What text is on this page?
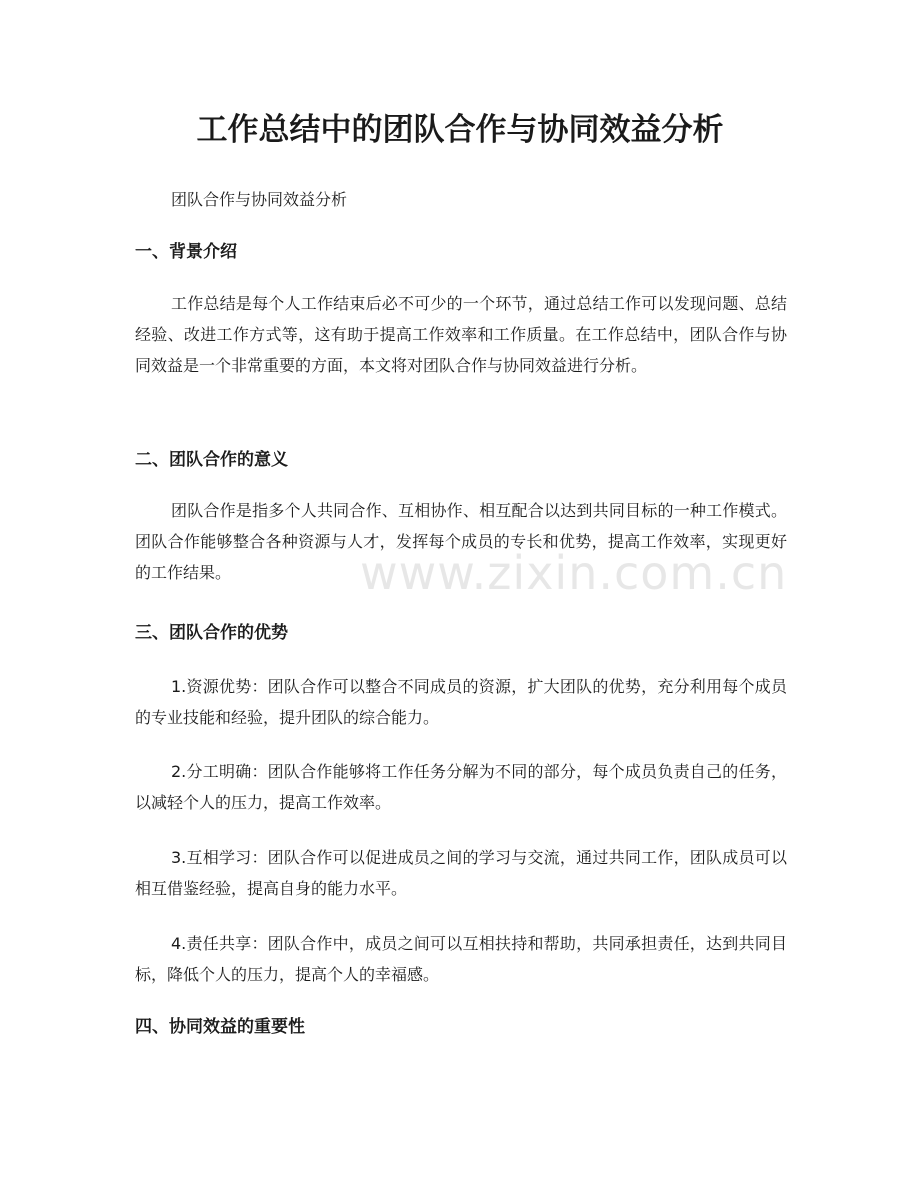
工作总结中的团队合作与协同效益分析

团队合作与协同效益分析

一、背景介绍

工作总结是每个人工作结束后必不可少的一个环节，通过总结工作可以发现问题、总结经验、改进工作方式等，这有助于提高工作效率和工作质量。在工作总结中，团队合作与协同效益是一个非常重要的方面，本文将对团队合作与协同效益进行分析。

二、团队合作的意义

团队合作是指多个人共同合作、互相协作、相互配合以达到共同目标的一种工作模式。团队合作能够整合各种资源与人才，发挥每个成员的专长和优势，提高工作效率，实现更好的工作结果。

三、团队合作的优势

1.资源优势：团队合作可以整合不同成员的资源，扩大团队的优势，充分利用每个成员的专业技能和经验，提升团队的综合能力。

2.分工明确：团队合作能够将工作任务分解为不同的部分，每个成员负责自己的任务，以减轻个人的压力，提高工作效率。

3.互相学习：团队合作可以促进成员之间的学习与交流，通过共同工作，团队成员可以相互借鉴经验，提高自身的能力水平。

4.责任共享：团队合作中，成员之间可以互相扶持和帮助，共同承担责任，达到共同目标，降低个人的压力，提高个人的幸福感。

四、协同效益的重要性
www.zixin.com.cn
